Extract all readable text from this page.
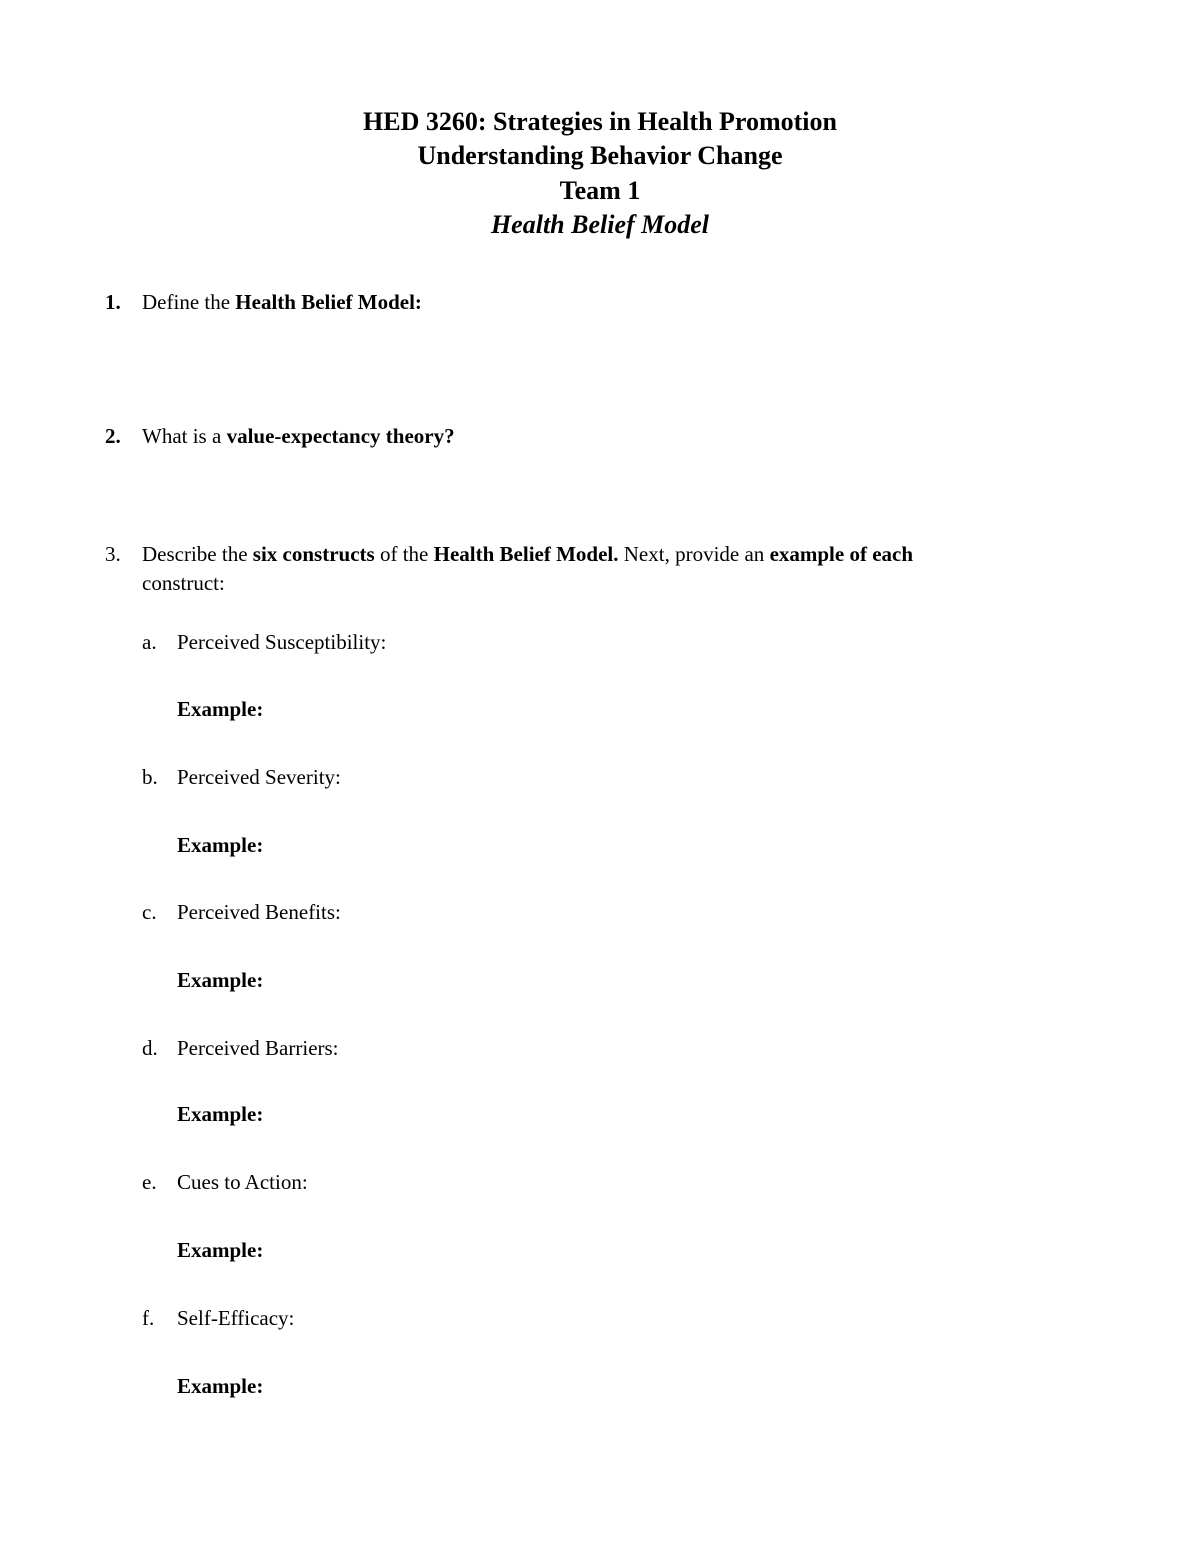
HED 3260: Strategies in Health Promotion
Understanding Behavior Change
Team 1
Health Belief Model
1.	Define the Health Belief Model:
2.	What is a value-expectancy theory?
3.	Describe the six constructs of the Health Belief Model. Next, provide an example of each
construct:
a. Perceived Susceptibility:
Example:
b. Perceived Severity:
Example:
c. Perceived Benefits:
Example:
d. Perceived Barriers:
Example:
e. Cues to Action:
Example:
f.	Self-Efficacy:
Example:
